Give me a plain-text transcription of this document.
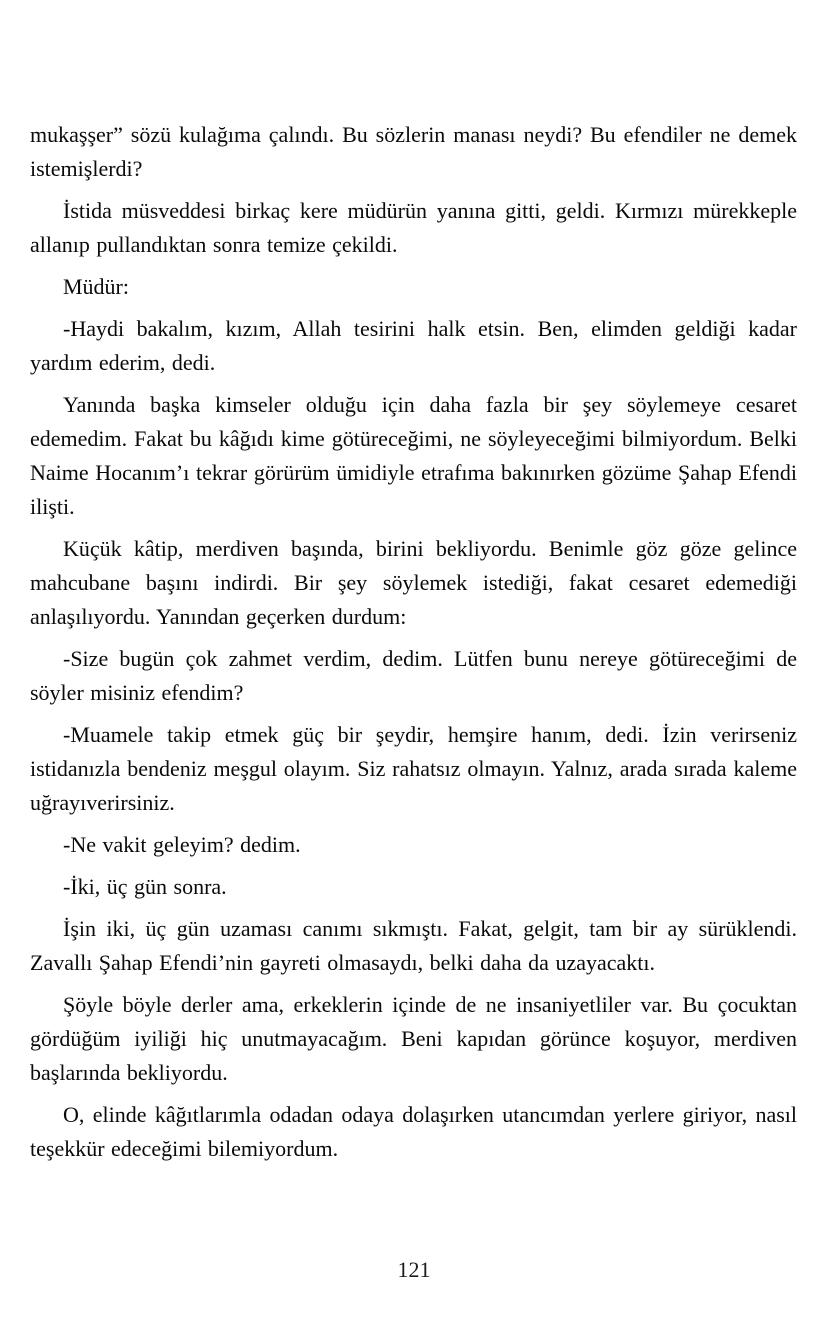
mukaşşer” sözü kulağıma çalındı. Bu sözlerin manası neydi? Bu efendiler ne demek istemişlerdi?

İstida müsveddesi birkaç kere müdürün yanına gitti, geldi. Kırmızı mürekkeple allanıp pullandıktan sonra temize çekildi.

Müdür:

-Haydi bakalım, kızım, Allah tesirini halk etsin. Ben, elimden geldiği kadar yardım ederim, dedi.

Yanında başka kimseler olduğu için daha fazla bir şey söylemeye cesaret edemedim. Fakat bu kâğıdı kime götüreceğimi, ne söyleyeceğimi bilmiyordum. Belki Naime Hocanım’ı tekrar görürüm ümidiyle etrafıma bakınırken gözüme Şahap Efendi ilişti.

Küçük kâtip, merdiven başında, birini bekliyordu. Benimle göz göze gelince mahcubane başını indirdi. Bir şey söylemek istediği, fakat cesaret edemediği anlaşılıyordu. Yanından geçerken durdum:

-Size bugün çok zahmet verdim, dedim. Lütfen bunu nereye götüreceğimi de söyler misiniz efendim?

-Muamele takip etmek güç bir şeydir, hemşire hanım, dedi. İzin verirseniz istidanızla bendeniz meşgul olayım. Siz rahatsız olmayın. Yalnız, arada sırada kaleme uğrayıverirsiniz.

-Ne vakit geleyim? dedim.

-İki, üç gün sonra.

İşin iki, üç gün uzaması canımı sıkmıştı. Fakat, gelgit, tam bir ay sürüklendi. Zavallı Şahap Efendi’nin gayreti olmasaydı, belki daha da uzayacaktı.

Şöyle böyle derler ama, erkeklerin içinde de ne insaniyetliler var. Bu çocuktan gördüğüm iyiliği hiç unutmayacağım. Beni kapıdan görünce koşuyor, merdiven başlarında bekliyordu.

O, elinde kâğıtlarımla odadan odaya dolaşırken utancımdan yerlere giriyor, nasıl teşekkür edeceğimi bilemiyordum.

121
